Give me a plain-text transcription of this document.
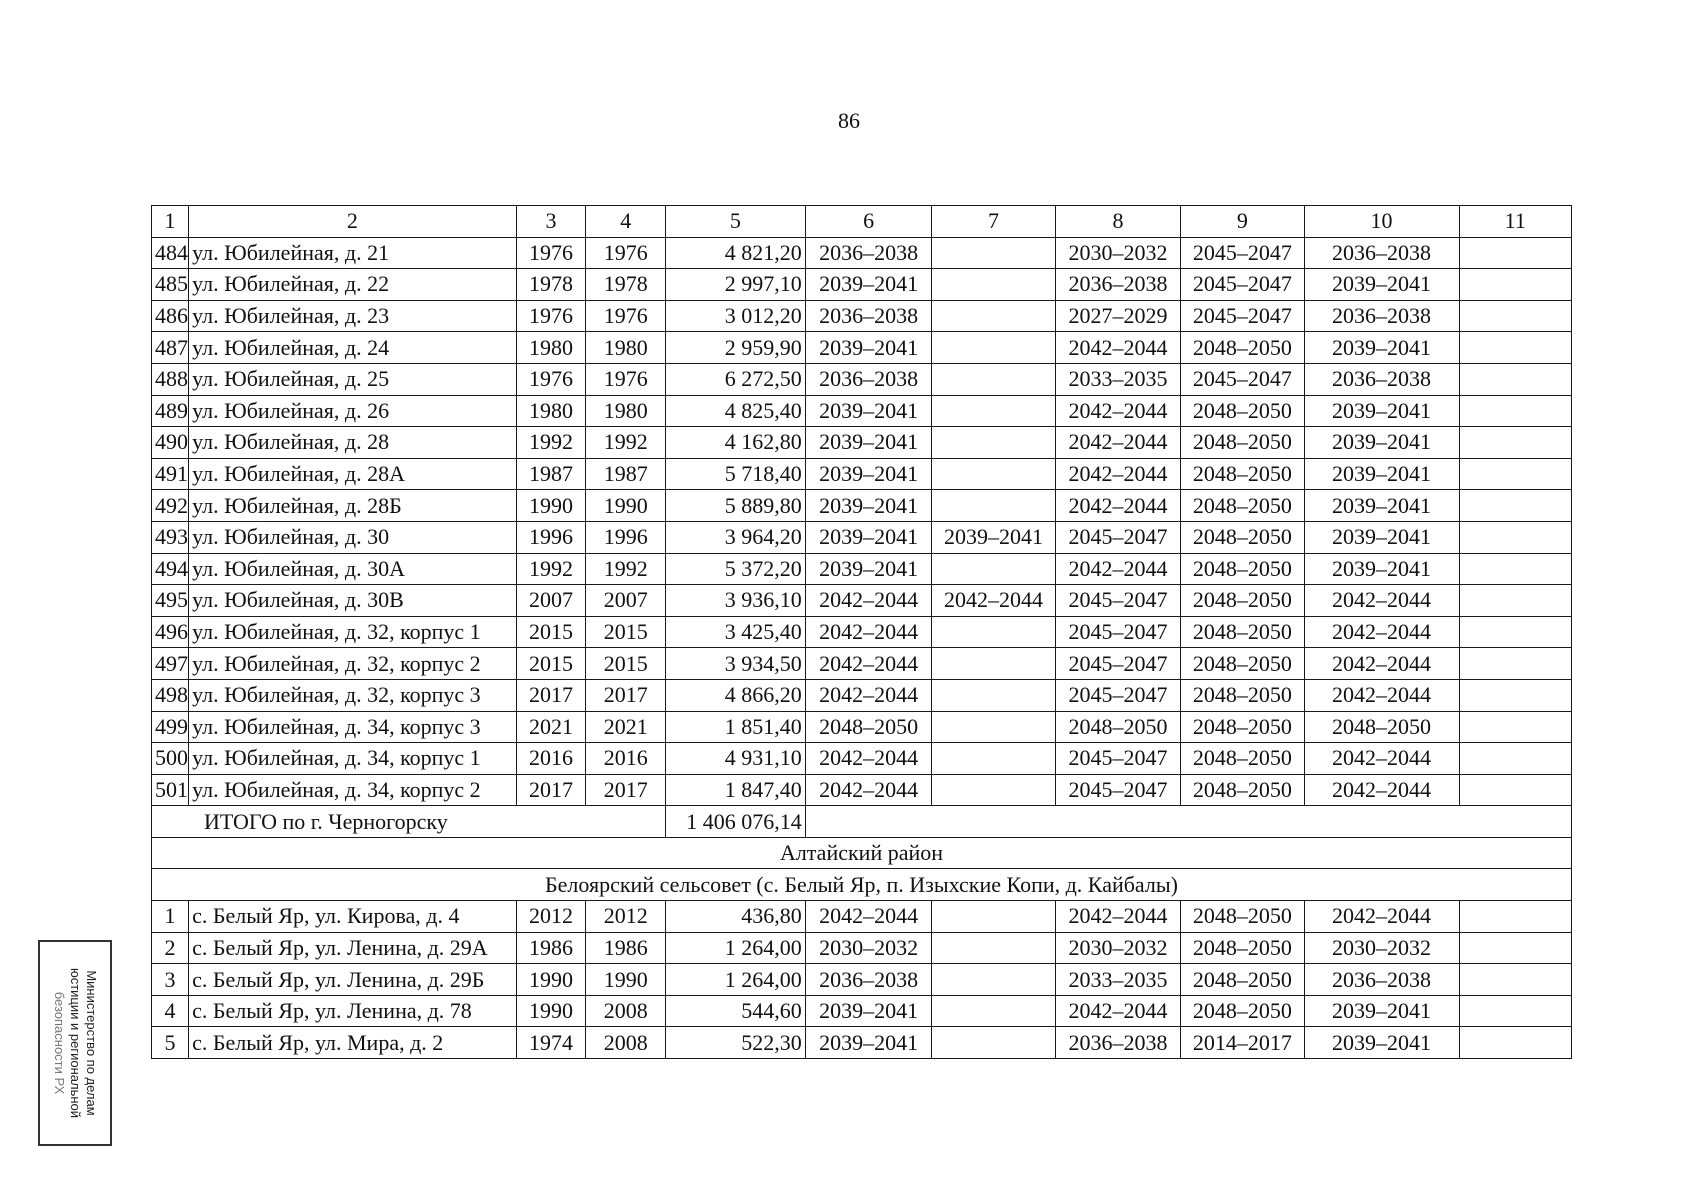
86
1	2	3	4	5	6	7	8	9	10	11
484	ул. Юбилейная, д. 21	1976	1976	4 821,20	2036–2038		2030–2032	2045–2047	2036–2038	
485	ул. Юбилейная, д. 22	1978	1978	2 997,10	2039–2041		2036–2038	2045–2047	2039–2041	
486	ул. Юбилейная, д. 23	1976	1976	3 012,20	2036–2038		2027–2029	2045–2047	2036–2038	
487	ул. Юбилейная, д. 24	1980	1980	2 959,90	2039–2041		2042–2044	2048–2050	2039–2041	
488	ул. Юбилейная, д. 25	1976	1976	6 272,50	2036–2038		2033–2035	2045–2047	2036–2038	
489	ул. Юбилейная, д. 26	1980	1980	4 825,40	2039–2041		2042–2044	2048–2050	2039–2041	
490	ул. Юбилейная, д. 28	1992	1992	4 162,80	2039–2041		2042–2044	2048–2050	2039–2041	
491	ул. Юбилейная, д. 28А	1987	1987	5 718,40	2039–2041		2042–2044	2048–2050	2039–2041	
492	ул. Юбилейная, д. 28Б	1990	1990	5 889,80	2039–2041		2042–2044	2048–2050	2039–2041	
493	ул. Юбилейная, д. 30	1996	1996	3 964,20	2039–2041	2039–2041	2045–2047	2048–2050	2039–2041	
494	ул. Юбилейная, д. 30А	1992	1992	5 372,20	2039–2041		2042–2044	2048–2050	2039–2041	
495	ул. Юбилейная, д. 30В	2007	2007	3 936,10	2042–2044	2042–2044	2045–2047	2048–2050	2042–2044	
496	ул. Юбилейная, д. 32, корпус 1	2015	2015	3 425,40	2042–2044		2045–2047	2048–2050	2042–2044	
497	ул. Юбилейная, д. 32, корпус 2	2015	2015	3 934,50	2042–2044		2045–2047	2048–2050	2042–2044	
498	ул. Юбилейная, д. 32, корпус 3	2017	2017	4 866,20	2042–2044		2045–2047	2048–2050	2042–2044	
499	ул. Юбилейная, д. 34, корпус 3	2021	2021	1 851,40	2048–2050		2048–2050	2048–2050	2048–2050	
500	ул. Юбилейная, д. 34, корпус 1	2016	2016	4 931,10	2042–2044		2045–2047	2048–2050	2042–2044	
501	ул. Юбилейная, д. 34, корпус 2	2017	2017	1 847,40	2042–2044		2045–2047	2048–2050	2042–2044	
ИТОГО по г. Черногорску				1 406 076,14						
Алтайский район										
Белоярский сельсовет (с. Белый Яр, п. Изыхские Копи, д. Кайбалы)										
1	с. Белый Яр, ул. Кирова, д. 4	2012	2012	436,80	2042–2044		2042–2044	2048–2050	2042–2044	
2	с. Белый Яр, ул. Ленина, д. 29А	1986	1986	1 264,00	2030–2032		2030–2032	2048–2050	2030–2032	
3	с. Белый Яр, ул. Ленина, д. 29Б	1990	1990	1 264,00	2036–2038		2033–2035	2048–2050	2036–2038	
4	с. Белый Яр, ул. Ленина, д. 78	1990	2008	544,60	2039–2041		2042–2044	2048–2050	2039–2041	
5	с. Белый Яр, ул. Мира, д. 2	1974	2008	522,30	2039–2041		2036–2038	2014–2017	2039–2041	
Министерство по делам
юстиции и региональной
безопасности РХ
